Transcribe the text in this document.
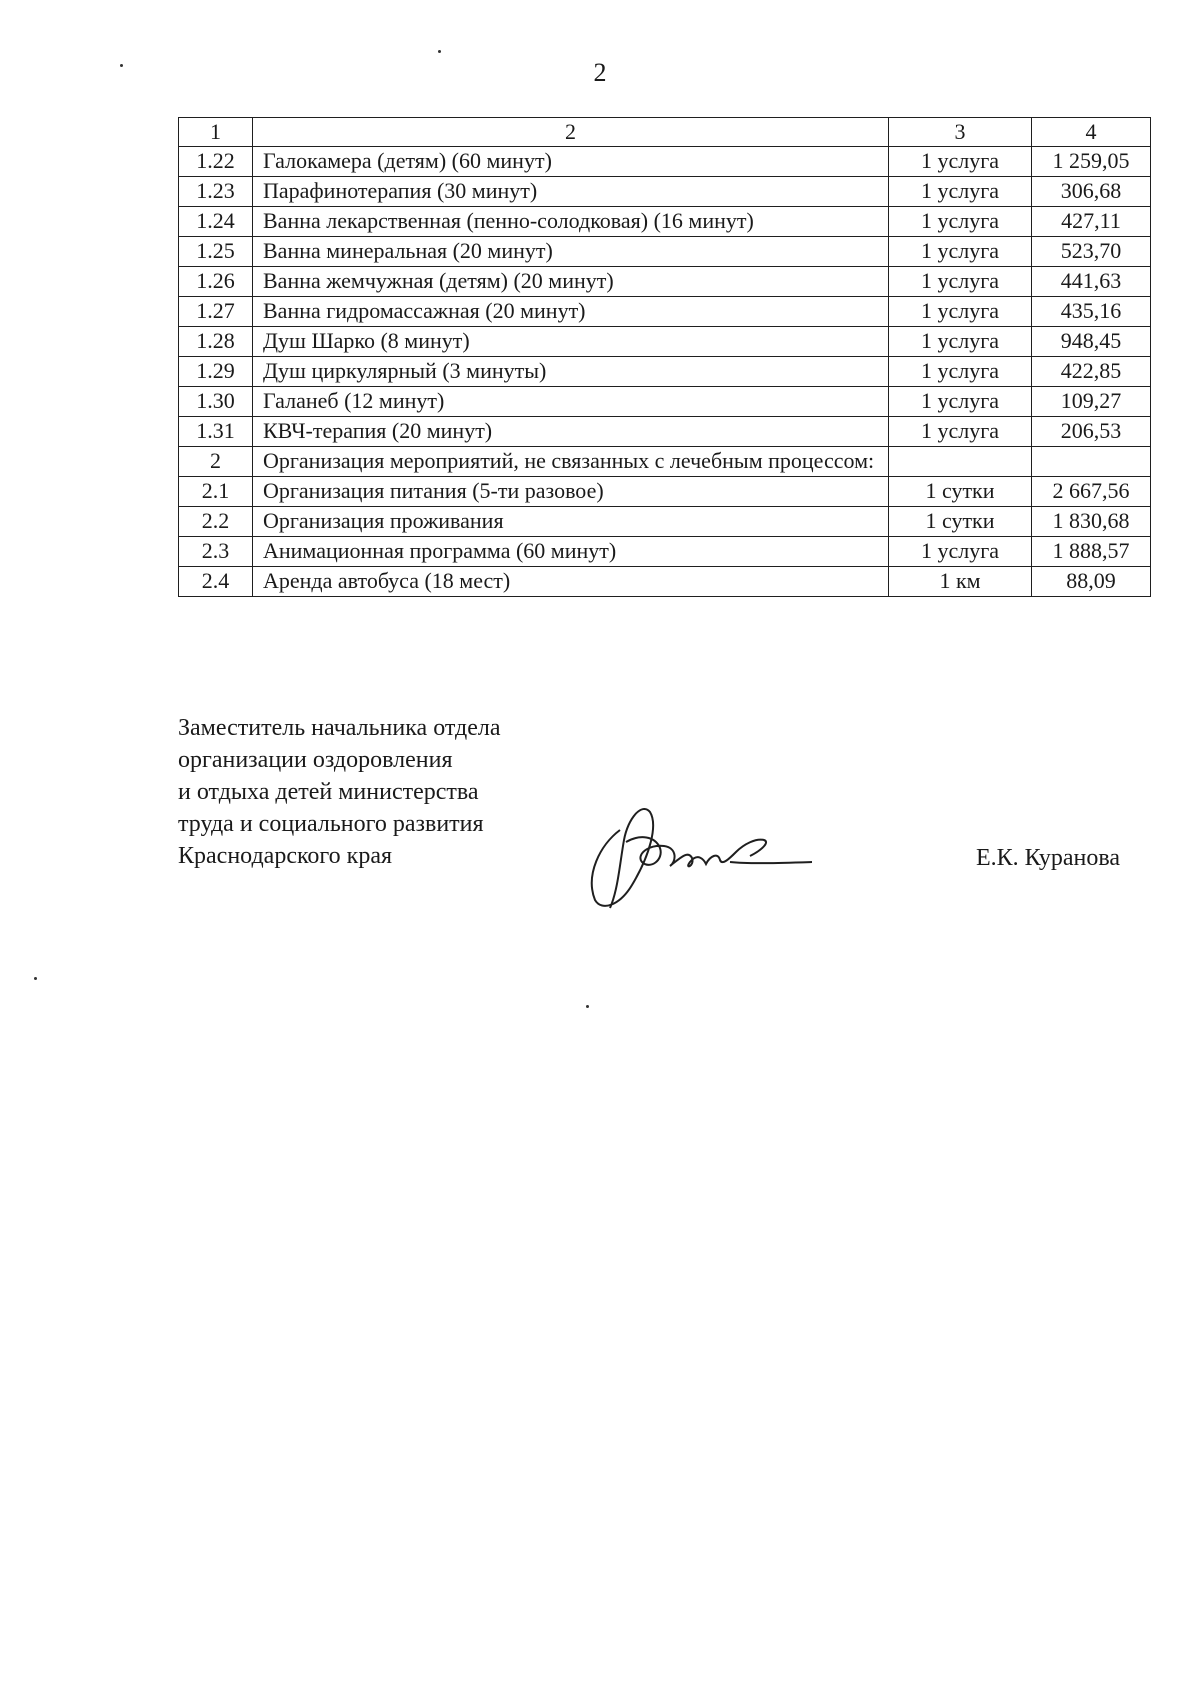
2
1	2	3	4
1.22	Галокамера (детям) (60 минут)	1 услуга	1 259,05
1.23	Парафинотерапия (30 минут)	1 услуга	306,68
1.24	Ванна лекарственная (пенно-солодковая) (16 минут)	1 услуга	427,11
1.25	Ванна минеральная (20 минут)	1 услуга	523,70
1.26	Ванна жемчужная (детям) (20 минут)	1 услуга	441,63
1.27	Ванна гидромассажная (20 минут)	1 услуга	435,16
1.28	Душ Шарко (8 минут)	1 услуга	948,45
1.29	Душ циркулярный (3 минуты)	1 услуга	422,85
1.30	Галанеб (12 минут)	1 услуга	109,27
1.31	КВЧ-терапия (20 минут)	1 услуга	206,53
2	Организация мероприятий, не связанных с лечебным процессом:		
2.1	Организация питания (5-ти разовое)	1 сутки	2 667,56
2.2	Организация проживания	1 сутки	1 830,68
2.3	Анимационная программа (60 минут)	1 услуга	1 888,57
2.4	Аренда автобуса (18 мест)	1 км	88,09
Заместитель начальника отдела
организации оздоровления
и отдыха детей министерства
труда и социального развития
Краснодарского края	Е.К. Куранова
